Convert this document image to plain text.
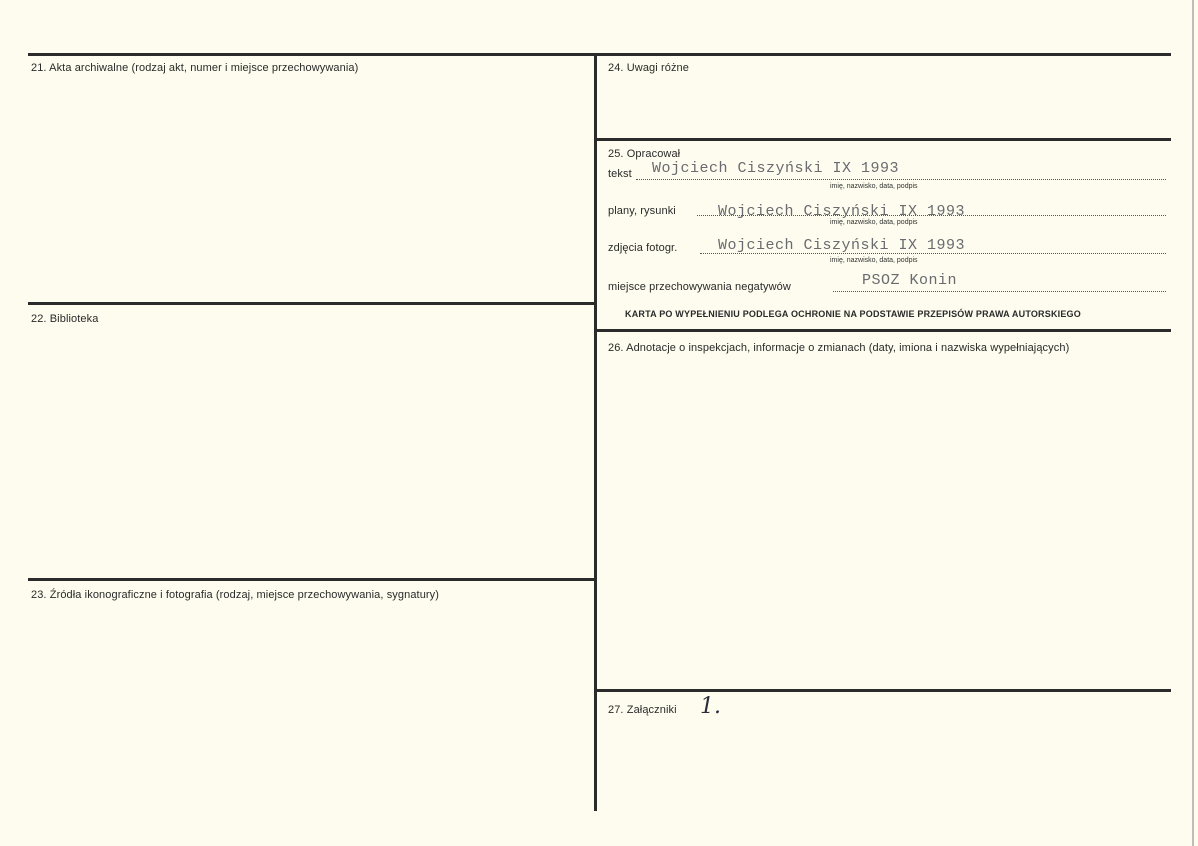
21. Akta archiwalne (rodzaj akt, numer i miejsce przechowywania)
22. Biblioteka
23. Źródła ikonograficzne i fotografia (rodzaj, miejsce przechowywania, sygnatury)
24. Uwagi różne
25. Opracował
tekst Wojciech Ciszyński IX 1993
imię, nazwisko, data, podpis
plany, rysunki	Wojciech Ciszyński IX 1993
imię, nazwisko, data, podpis
zdjęcia fotogr.	Wojciech Ciszyński IX 1993
imię, nazwisko, data, podpis
miejsce przechowywania negatywów	PSOZ Konin
KARTA PO WYPEŁNIENIU PODLEGA OCHRONIE NA PODSTAWIE PRZEPISÓW PRAWA AUTORSKIEGO
26. Adnotacje o inspekcjach, informacje o zmianach (daty, imiona i nazwiska wypełniających)
27. Załączniki 1.
